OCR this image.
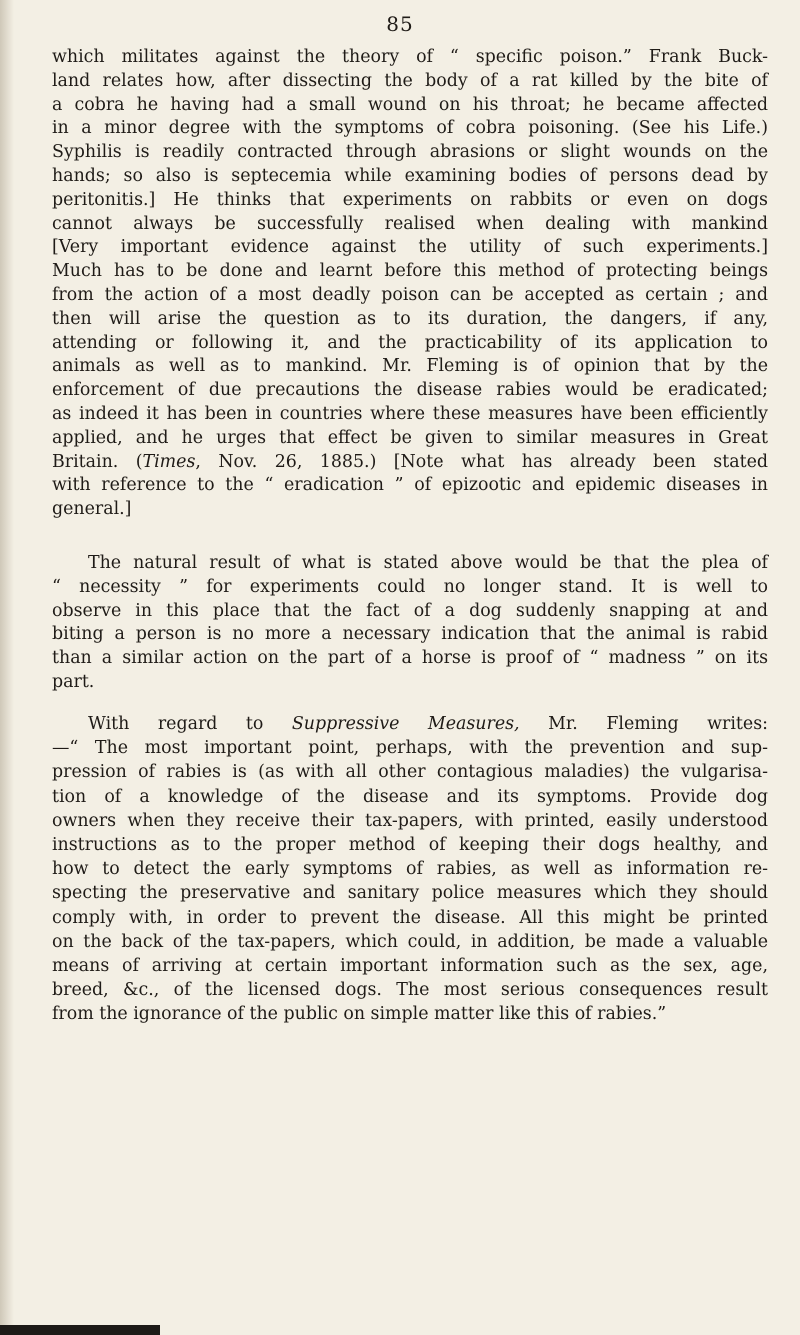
85
which militates against the theory of “ specific poison.” Frank Buck-
land relates how, after dissecting the body of a rat killed by the bite of
a cobra he having had a small wound on his throat; he became affected
in a minor degree with the symptoms of cobra poisoning. (See his Life.)
Syphilis is readily contracted through abrasions or slight wounds on the
hands; so also is septecemia while examining bodies of persons dead by
peritonitis.] He thinks that experiments on rabbits or even on dogs
cannot always be successfully realised when dealing with mankind
[Very important evidence against the utility of such experiments.]
Much has to be done and learnt before this method of protecting beings
from the action of a most deadly poison can be accepted as certain ; and
then will arise the question as to its duration, the dangers, if any,
attending or following it, and the practicability of its application to
animals as well as to mankind. Mr. Fleming is of opinion that by the
enforcement of due precautions the disease rabies would be eradicated;
as indeed it has been in countries where these measures have been efficiently
applied, and he urges that effect be given to similar measures in Great
Britain. (Times, Nov. 26, 1885.) [Note what has already been stated
with reference to the “ eradication ” of epizootic and epidemic diseases in
general.]
The natural result of what is stated above would be that the plea of
“ necessity ” for experiments could no longer stand. It is well to
observe in this place that the fact of a dog suddenly snapping at and
biting a person is no more a necessary indication that the animal is rabid
than a similar action on the part of a horse is proof of “ madness ” on its
part.
With regard to Suppressive Measures, Mr. Fleming writes:
—“ The most important point, perhaps, with the prevention and sup-
pression of rabies is (as with all other contagious maladies) the vulgarisa-
tion of a knowledge of the disease and its symptoms. Provide dog
owners when they receive their tax-papers, with printed, easily understood
instructions as to the proper method of keeping their dogs healthy, and
how to detect the early symptoms of rabies, as well as information re-
specting the preservative and sanitary police measures which they should
comply with, in order to prevent the disease. All this might be printed
on the back of the tax-papers, which could, in addition, be made a valuable
means of arriving at certain important information such as the sex, age,
breed, &c., of the licensed dogs. The most serious consequences result
from the ignorance of the public on simple matter like this of rabies.”
